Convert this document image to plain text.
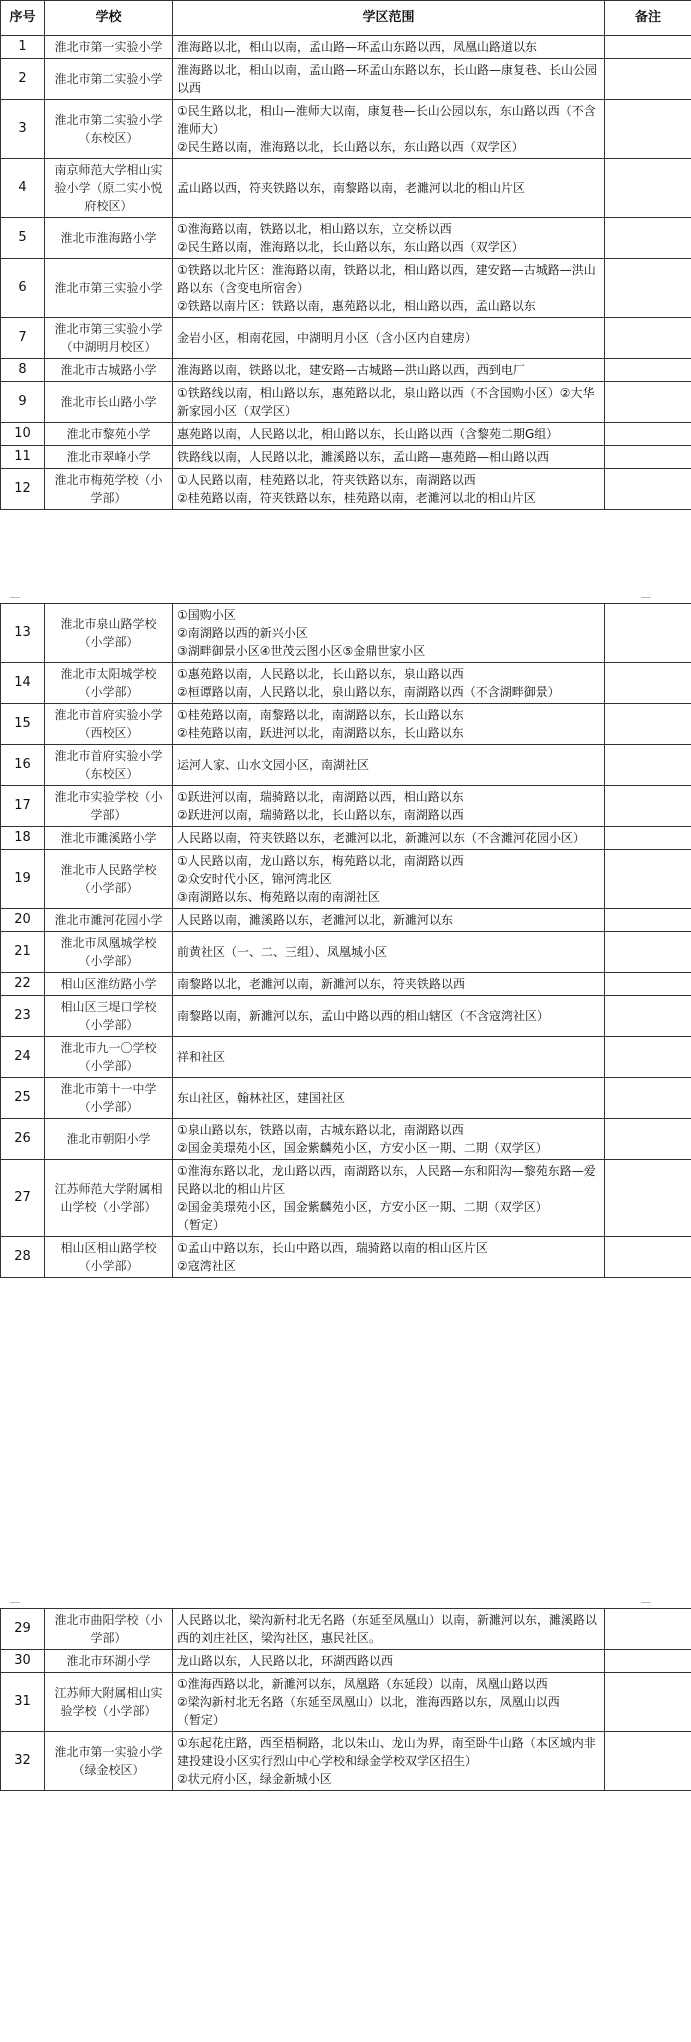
序号	学校	学区范围	备注
1	淮北市第一实验小学	淮海路以北，相山以南，孟山路—环孟山东路以西，凤凰山路道以东	
2	淮北市第二实验小学	淮海路以北，相山以南，孟山路—环孟山东路以东，长山路—康复巷、长山公园以西	
3	淮北市第二实验小学（东校区）	①民生路以北，相山—淮师大以南，康复巷—长山公园以东，东山路以西（不含淮师大）
②民生路以南，淮海路以北，长山路以东，东山路以西（双学区）	
4	南京师范大学相山实验小学（原二实小悦府校区）	孟山路以西，符夹铁路以东，南黎路以南，老濉河以北的相山片区	
5	淮北市淮海路小学	①淮海路以南，铁路以北，相山路以东，立交桥以西
②民生路以南，淮海路以北，长山路以东，东山路以西（双学区）	
6	淮北市第三实验小学	①铁路以北片区：淮海路以南，铁路以北，相山路以西，建安路—古城路—洪山路以东（含变电所宿舍）
②铁路以南片区：铁路以南，惠苑路以北，相山路以西，孟山路以东	
7	淮北市第三实验小学（中湖明月校区）	金岩小区，相南花园，中湖明月小区（含小区内自建房）	
8	淮北市古城路小学	淮海路以南，铁路以北，建安路—古城路—洪山路以西，西到电厂	
9	淮北市长山路小学	①铁路线以南，相山路以东，惠苑路以北，泉山路以西（不含国购小区）②大华新家园小区（双学区）	
10	淮北市黎苑小学	惠苑路以南，人民路以北，相山路以东，长山路以西（含黎苑二期G组）	
11	淮北市翠峰小学	铁路线以南，人民路以北，濉溪路以东，孟山路—惠苑路—相山路以西	
12	淮北市梅苑学校（小学部）	①人民路以南，桂苑路以北，符夹铁路以东，南湖路以西
②桂苑路以南，符夹铁路以东，桂苑路以南，老濉河以北的相山片区	
13	淮北市泉山路学校（小学部）	①国购小区
②南湖路以西的新兴小区
③湖畔御景小区④世茂云图小区⑤金鼎世家小区	
14	淮北市太阳城学校（小学部）	①惠苑路以南，人民路以北，长山路以东，泉山路以西
②桓谭路以南，人民路以北，泉山路以东，南湖路以西（不含湖畔御景）	
15	淮北市首府实验小学（西校区）	①桂苑路以南，南黎路以北，南湖路以东，长山路以东
②桂苑路以南，跃进河以北，南湖路以东，长山路以东	
16	淮北市首府实验小学（东校区）	运河人家、山水文园小区，南湖社区	
17	淮北市实验学校（小学部）	①跃进河以南，瑞骑路以北，南湖路以西，相山路以东
②跃进河以南，瑞骑路以北，长山路以东，南湖路以西	
18	淮北市濉溪路小学	人民路以南，符夹铁路以东，老濉河以北，新濉河以东（不含濉河花园小区）	
19	淮北市人民路学校（小学部）	①人民路以南，龙山路以东，梅苑路以北，南湖路以西
②众安时代小区，锦河湾北区
③南湖路以东、梅苑路以南的南湖社区	
20	淮北市濉河花园小学	人民路以南，濉溪路以东，老濉河以北，新濉河以东	
21	淮北市凤凰城学校（小学部）	前黄社区（一、二、三组）、凤凰城小区	
22	相山区淮纺路小学	南黎路以北，老濉河以南，新濉河以东，符夹铁路以西	
23	相山区三堤口学校（小学部）	南黎路以南，新濉河以东，孟山中路以西的相山辖区（不含寇湾社区）	
24	淮北市九一〇学校（小学部）	祥和社区	
25	淮北市第十一中学（小学部）	东山社区，翰林社区，建国社区	
26	淮北市朝阳小学	①泉山路以东，铁路以南，古城东路以北，南湖路以西
②国金美璟苑小区，国金紫麟苑小区，方安小区一期、二期（双学区）	
27	江苏师范大学附属相山学校（小学部）	①淮海东路以北，龙山路以西，南湖路以东，人民路—东和阳沟—黎苑东路—爱民路以北的相山片区
②国金美璟苑小区，国金紫麟苑小区，方安小区一期、二期（双学区）
（暂定）	
28	相山区相山路学校（小学部）	①孟山中路以东，长山中路以西，瑞骑路以南的相山区片区
②寇湾社区	
29	淮北市曲阳学校（小学部）	人民路以北，梁沟新村北无名路（东延至凤凰山）以南，新濉河以东，濉溪路以西的刘庄社区，梁沟社区，惠民社区。	
30	淮北市环湖小学	龙山路以东，人民路以北，环湖西路以西	
31	江苏师大附属相山实验学校（小学部）	①淮海西路以北，新濉河以东，凤凰路（东延段）以南，凤凰山路以西
②梁沟新村北无名路（东延至凤凰山）以北，淮海西路以东，凤凰山以西
（暂定）	
32	淮北市第一实验小学（绿金校区）	①东起花庄路，西至梧桐路，北以朱山、龙山为界，南至卧牛山路（本区域内非建投建设小区实行烈山中心学校和绿金学校双学区招生）
②状元府小区，绿金新城小区	
